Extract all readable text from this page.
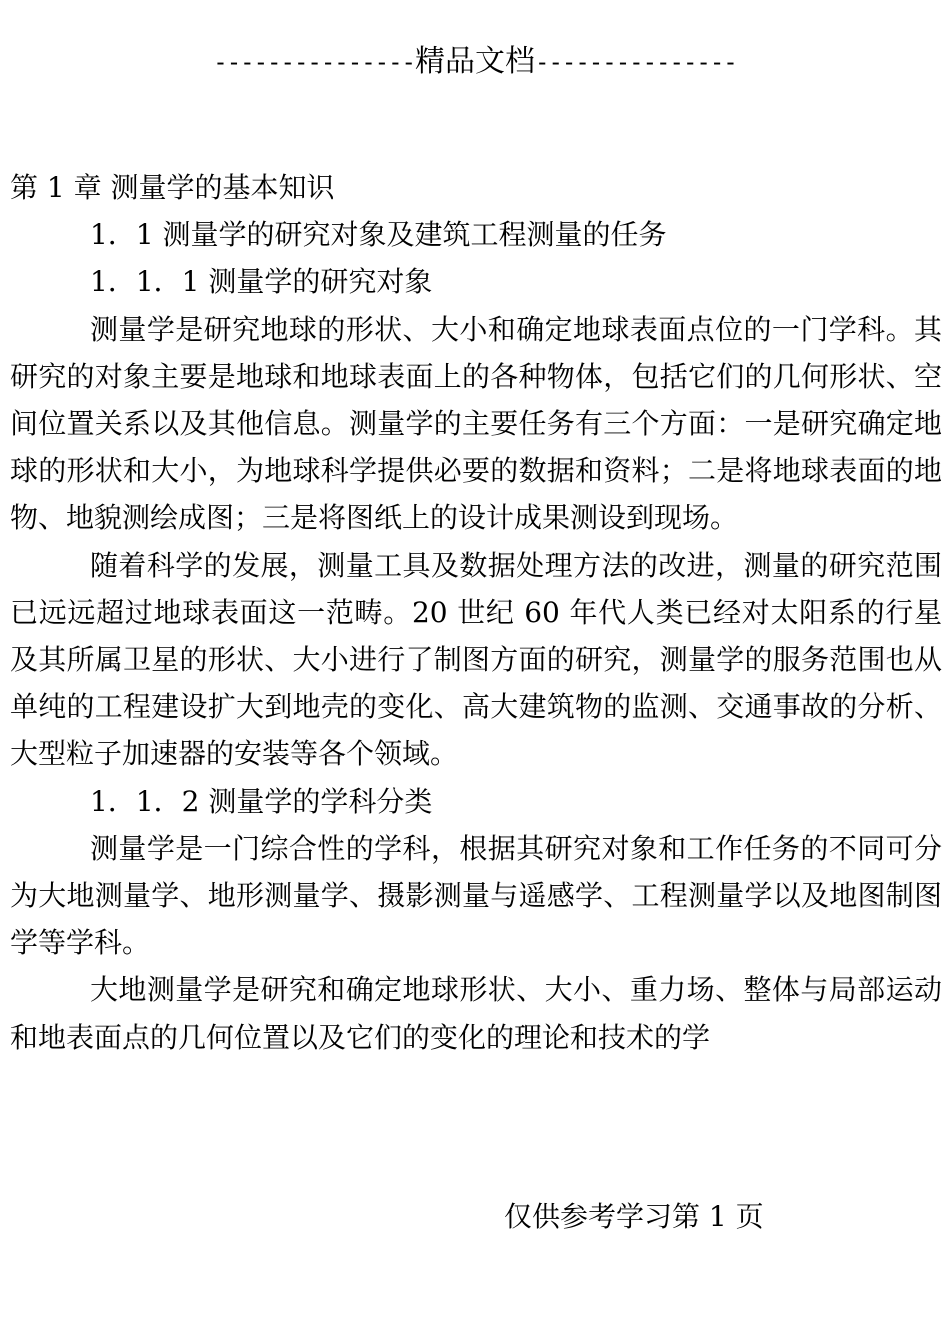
--------------- 精品文档 ---------------

第 1 章 测量学的基本知识

1．1 测量学的研究对象及建筑工程测量的任务

1．1．1 测量学的研究对象

测量学是研究地球的形状、大小和确定地球表面点位的一门学科。其研究的对象主要是地球和地球表面上的各种物体，包括它们的几何形状、空间位置关系以及其他信息。测量学的主要任务有三个方面：一是研究确定地球的形状和大小，为地球科学提供必要的数据和资料；二是将地球表面的地物、地貌测绘成图；三是将图纸上的设计成果测设到现场。

随着科学的发展，测量工具及数据处理方法的改进，测量的研究范围已远远超过地球表面这一范畴。20 世纪 60 年代人类已经对太阳系的行星及其所属卫星的形状、大小进行了制图方面的研究，测量学的服务范围也从单纯的工程建设扩大到地壳的变化、高大建筑物的监测、交通事故的分析、大型粒子加速器的安装等各个领域。

1．1．2 测量学的学科分类

测量学是一门综合性的学科，根据其研究对象和工作任务的不同可分为大地测量学、地形测量学、摄影测量与遥感学、工程测量学以及地图制图学等学科。

大地测量学是研究和确定地球形状、大小、重力场、整体与局部运动和地表面点的几何位置以及它们的变化的理论和技术的学

仅供参考学习第 1 页
